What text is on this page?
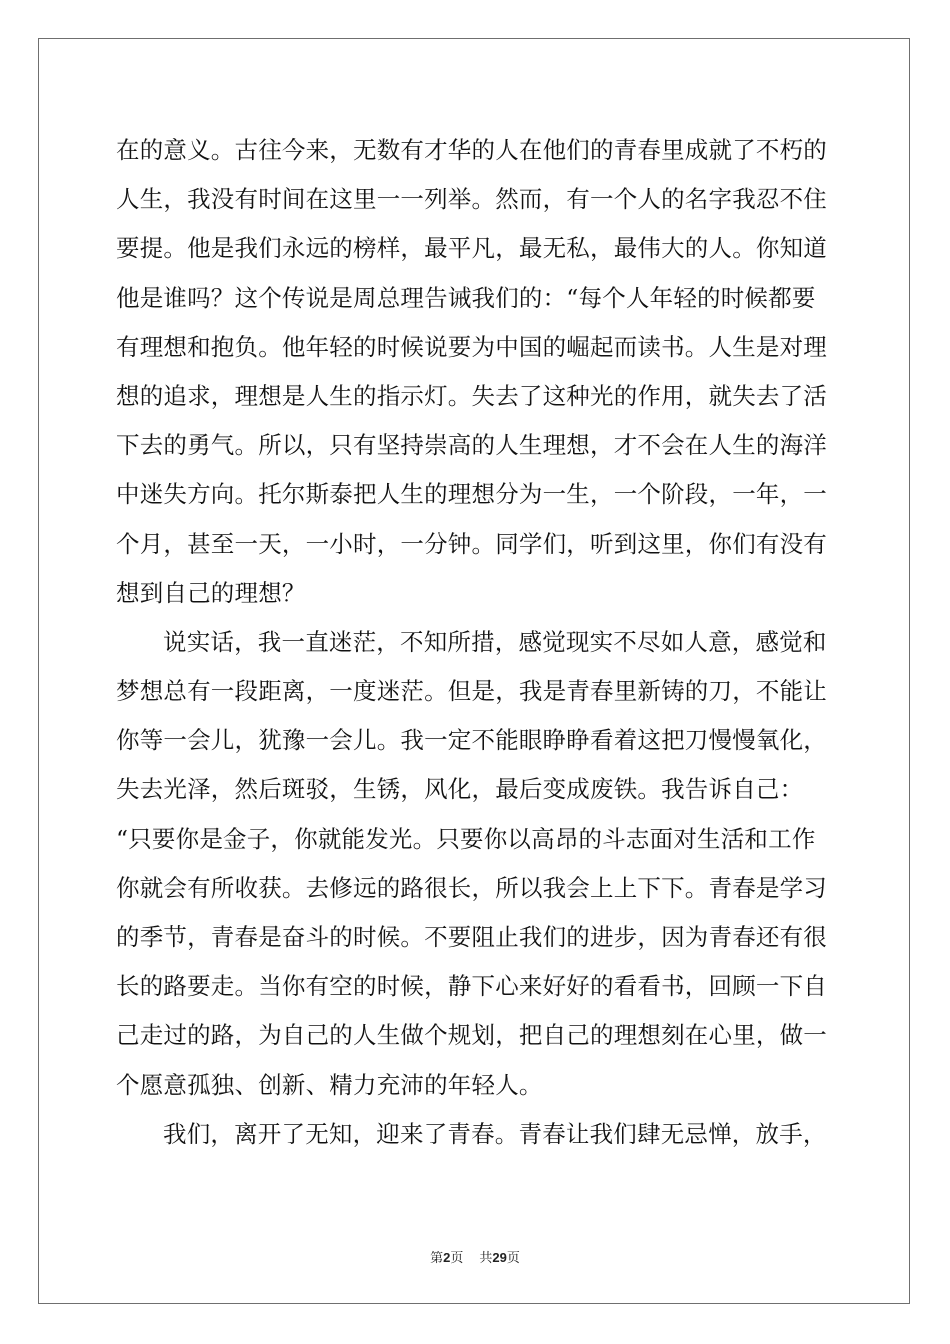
在的意义。古往今来，无数有才华的人在他们的青春里成就了不朽的
人生，我没有时间在这里一一列举。然而，有一个人的名字我忍不住
要提。他是我们永远的榜样，最平凡，最无私，最伟大的人。你知道
他是谁吗？这个传说是周总理告诫我们的：“每个人年轻的时候都要
有理想和抱负。他年轻的时候说要为中国的崛起而读书。人生是对理
想的追求，理想是人生的指示灯。失去了这种光的作用，就失去了活
下去的勇气。所以，只有坚持崇高的人生理想，才不会在人生的海洋
中迷失方向。托尔斯泰把人生的理想分为一生，一个阶段，一年，一
个月，甚至一天，一小时，一分钟。同学们，听到这里，你们有没有
想到自己的理想？
说实话，我一直迷茫，不知所措，感觉现实不尽如人意，感觉和
梦想总有一段距离，一度迷茫。但是，我是青春里新铸的刀，不能让
你等一会儿，犹豫一会儿。我一定不能眼睁睁看着这把刀慢慢氧化，
失去光泽，然后斑驳，生锈，风化，最后变成废铁。我告诉自己：
“只要你是金子，你就能发光。只要你以高昂的斗志面对生活和工作
你就会有所收获。去修远的路很长，所以我会上上下下。青春是学习
的季节，青春是奋斗的时候。不要阻止我们的进步，因为青春还有很
长的路要走。当你有空的时候，静下心来好好的看看书，回顾一下自
己走过的路，为自己的人生做个规划，把自己的理想刻在心里，做一
个愿意孤独、创新、精力充沛的年轻人。
我们，离开了无知，迎来了青春。青春让我们肆无忌惮，放手，
第2页 共29页
